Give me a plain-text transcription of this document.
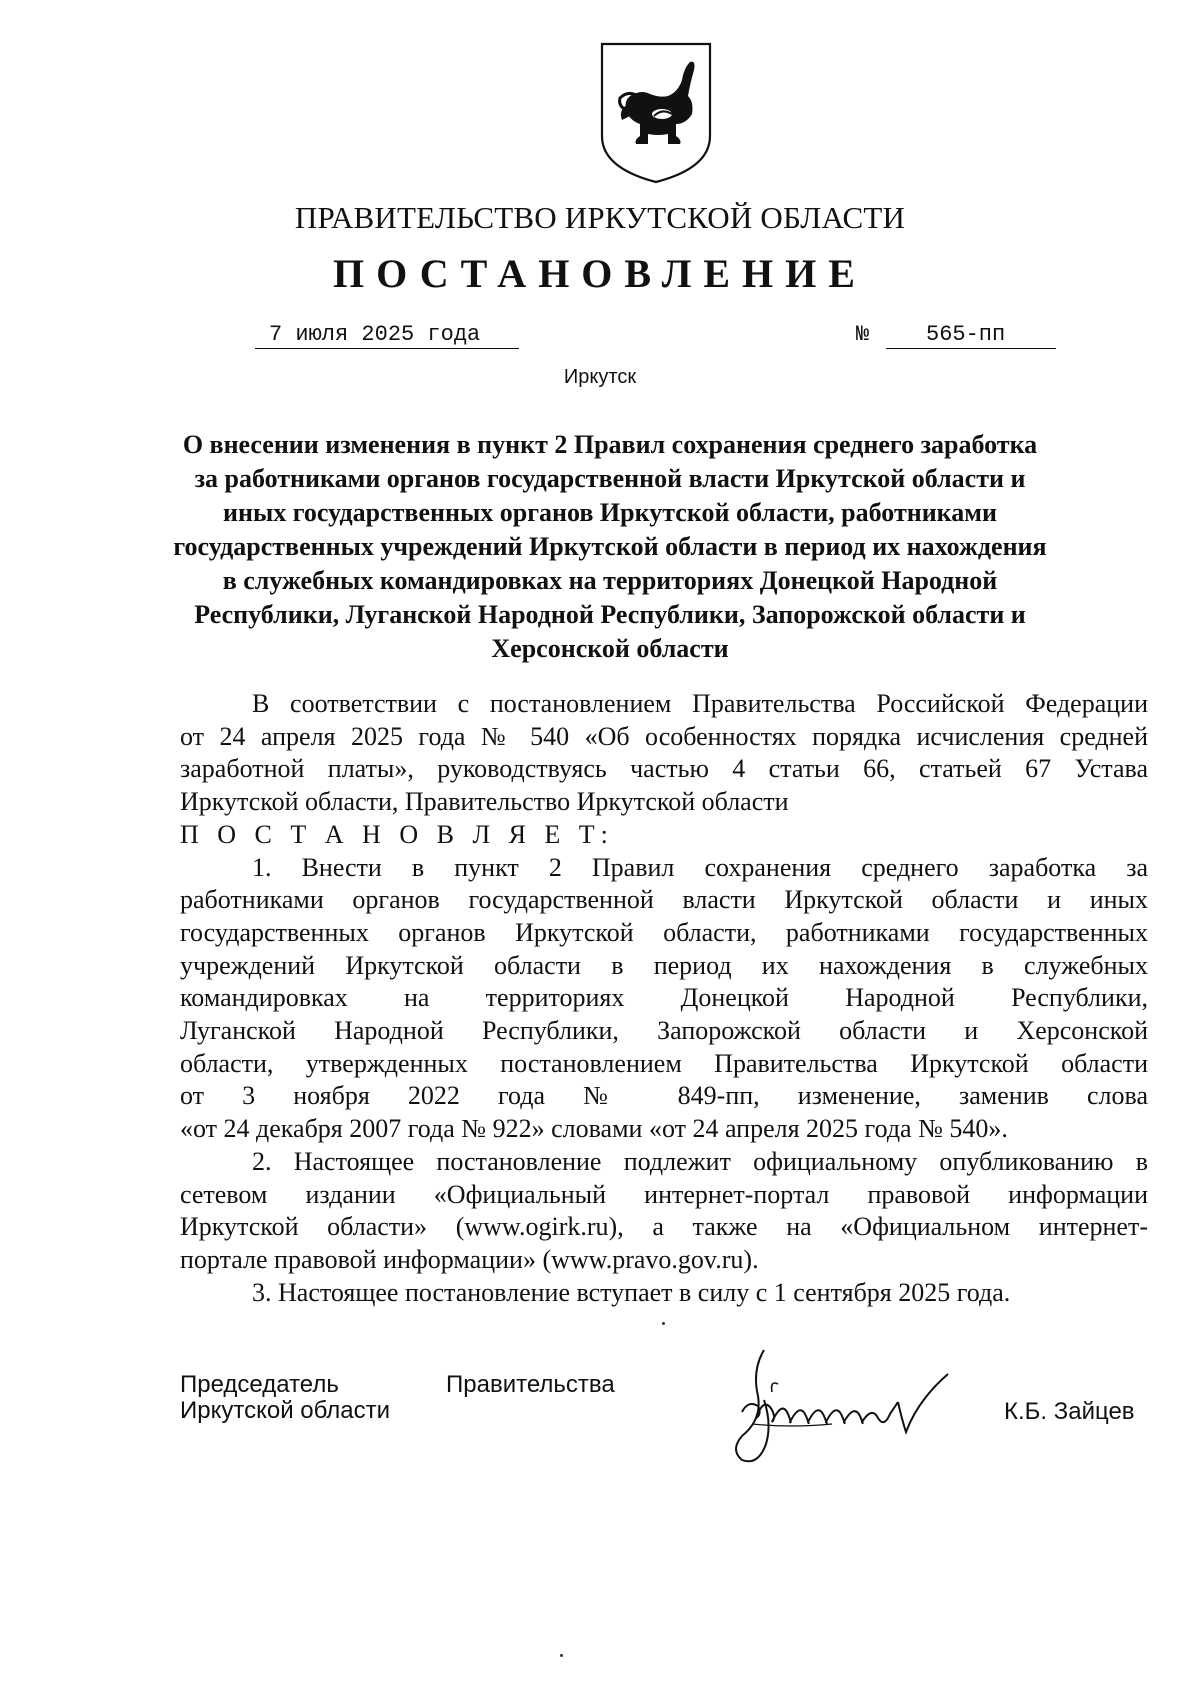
ПРАВИТЕЛЬСТВО ИРКУТСКОЙ ОБЛАСТИ
ПОСТАНОВЛЕНИЕ
7 июля 2025 года	№	565-пп
Иркутск
О внесении изменения в пункт 2 Правил сохранения среднего заработка
за работниками органов государственной власти Иркутской области и
иных государственных органов Иркутской области, работниками
государственных учреждений Иркутской области в период их нахождения
в служебных командировках на территориях Донецкой Народной
Республики, Луганской Народной Республики, Запорожской области и
Херсонской области

В соответствии с постановлением Правительства Российской Федерации
от 24 апреля 2025 года № 540 «Об особенностях порядка исчисления средней
заработной платы», руководствуясь частью 4 статьи 66, статьей 67 Устава
Иркутской области, Правительство Иркутской области

П О С Т А Н О В Л Я Е Т:

1. Внести в пункт 2 Правил сохранения среднего заработка за
работниками органов государственной власти Иркутской области и иных
государственных органов Иркутской области, работниками государственных
учреждений Иркутской области в период их нахождения в служебных
командировках на территориях Донецкой Народной Республики,
Луганской Народной Республики, Запорожской области и Херсонской
области, утвержденных постановлением Правительства Иркутской области
от 3 ноября 2022 года № 849-пп, изменение, заменив слова
«от 24 декабря 2007 года № 922» словами «от 24 апреля 2025 года № 540».

2. Настоящее постановление подлежит официальному опубликованию в
сетевом издании «Официальный интернет-портал правовой информации
Иркутской области» (www.ogirk.ru), а также на «Официальном интернет-
портале правовой информации» (www.pravo.gov.ru).

3. Настоящее постановление вступает в силу с 1 сентября 2025 года.

Председатель
Иркутской области
Правительства
К.Б. Зайцев
